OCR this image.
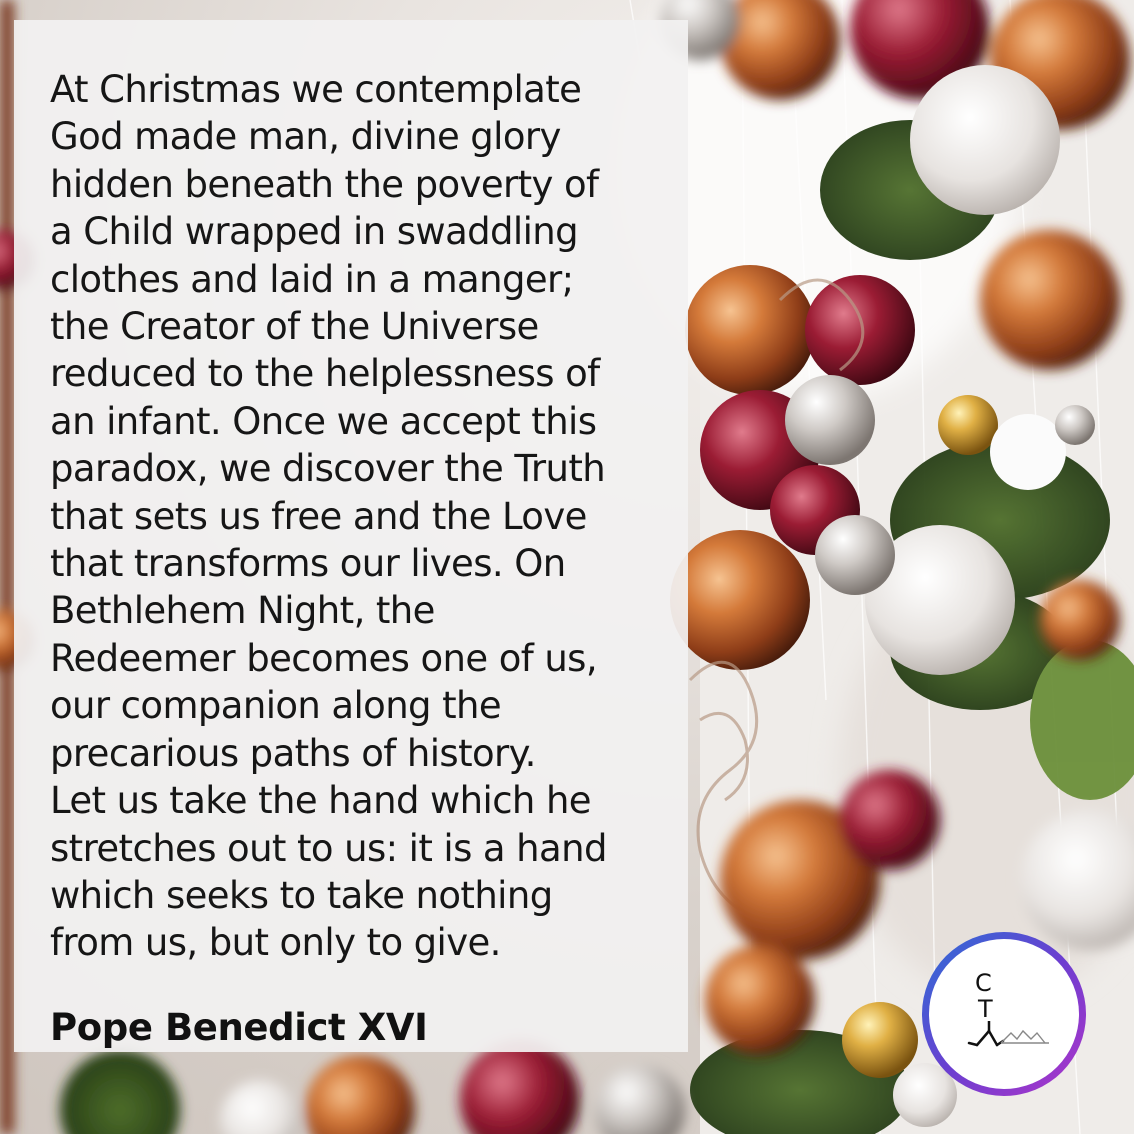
At Christmas we contemplate
God made man, divine glory
hidden beneath the poverty of
a Child wrapped in swaddling
clothes and laid in a manger;
the Creator of the Universe
reduced to the helplessness of
an infant. Once we accept this
paradox, we discover the Truth
that sets us free and the Love
that transforms our lives. On
Bethlehem Night, the
Redeemer becomes one of us,
our companion along the
precarious paths of history.
Let us take the hand which he
stretches out to us: it is a hand
which seeks to take nothing
from us, but only to give.

Pope Benedict XVI

C
T
